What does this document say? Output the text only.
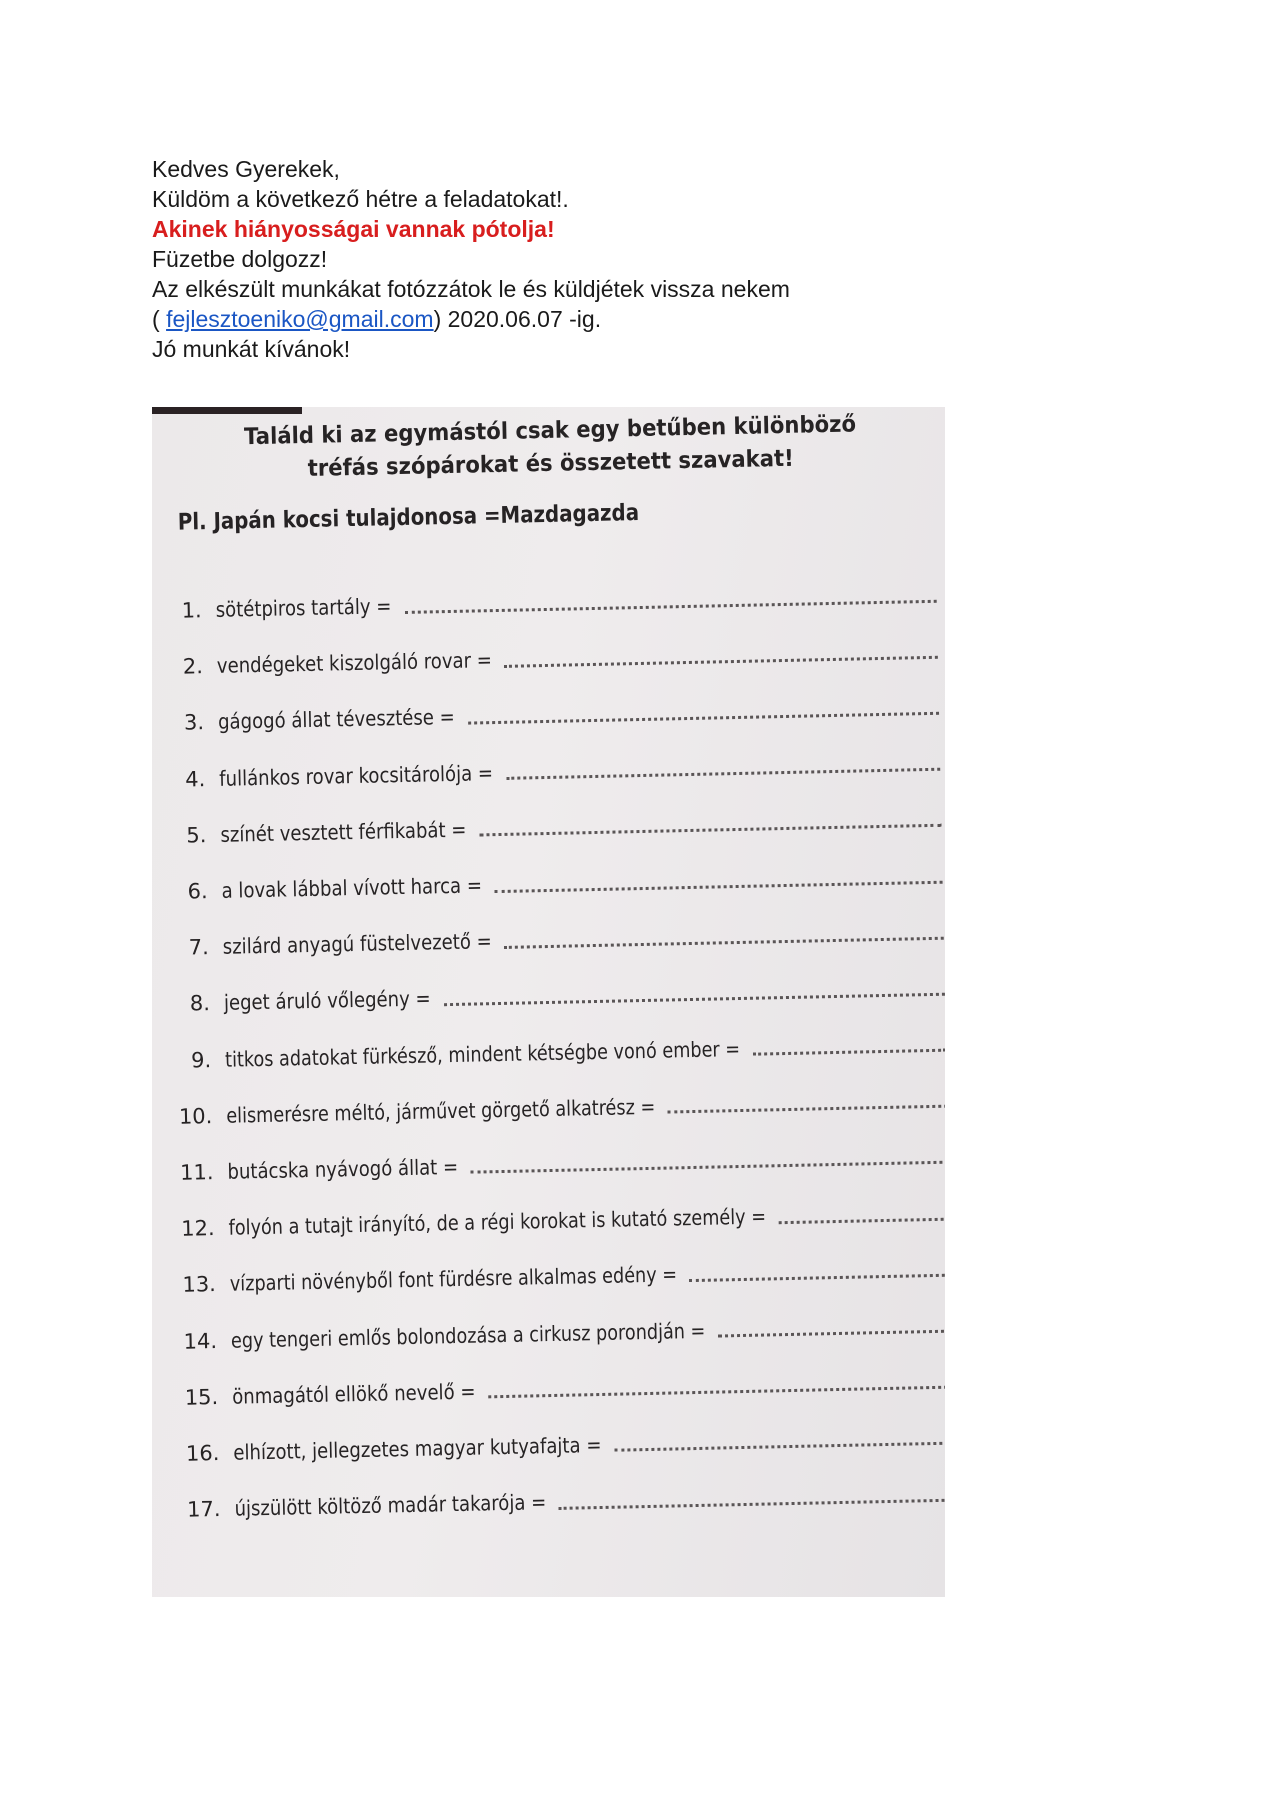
Kedves Gyerekek,
Küldöm a következő hétre a feladatokat!.
Akinek hiányosságai vannak pótolja!
Füzetbe dolgozz!
Az elkészült munkákat fotózzátok le és küldjétek vissza nekem
( fejlesztoeniko@gmail.com) 2020.06.07 -ig.
Jó munkát kívánok!
Találd ki az egymástól csak egy betűben különböző
tréfás szópárokat és összetett szavakat!
Pl. Japán kocsi tulajdonosa =Mazdagazda
1. sötétpiros tartály =
2. vendégeket kiszolgáló rovar =
3. gágogó állat tévesztése =
4. fullánkos rovar kocsitárolója =
5. színét vesztett férfikabát =
6. a lovak lábbal vívott harca =
7. szilárd anyagú füstelvezető =
8. jeget áruló vőlegény =
9. titkos adatokat fürkésző, mindent kétségbe vonó ember =
10. elismerésre méltó, járművet görgető alkatrész =
11. butácska nyávogó állat =
12. folyón a tutajt irányító, de a régi korokat is kutató személy =
13. vízparti növényből font fürdésre alkalmas edény =
14. egy tengeri emlős bolondozása a cirkusz porondján =
15. önmagától ellökő nevelő =
16. elhízott, jellegzetes magyar kutyafajta =
17. újszülött költöző madár takarója =
